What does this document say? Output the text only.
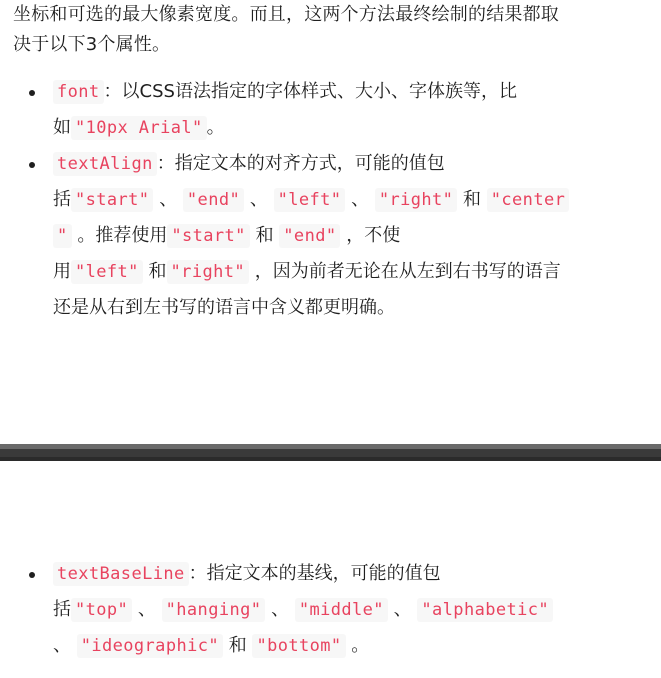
坐标和可选的最大像素宽度。而且，这两个方法最终绘制的结果都取
决于以下3个属性。

font ：以CSS语法指定的字体样式、大小、字体族等，比
如 "10px Arial" 。
textAlign ：指定文本的对齐方式，可能的值包
括 "start" 、 "end" 、 "left" 、 "right" 和 "center
" 。推荐使用 "start" 和 "end" ，不使
用 "left" 和 "right" ，因为前者无论在从左到右书写的语言
还是从右到左书写的语言中含义都更明确。
textBaseLine ：指定文本的基线，可能的值包
括 "top" 、 "hanging" 、 "middle" 、 "alphabetic"
、 "ideographic" 和 "bottom" 。
